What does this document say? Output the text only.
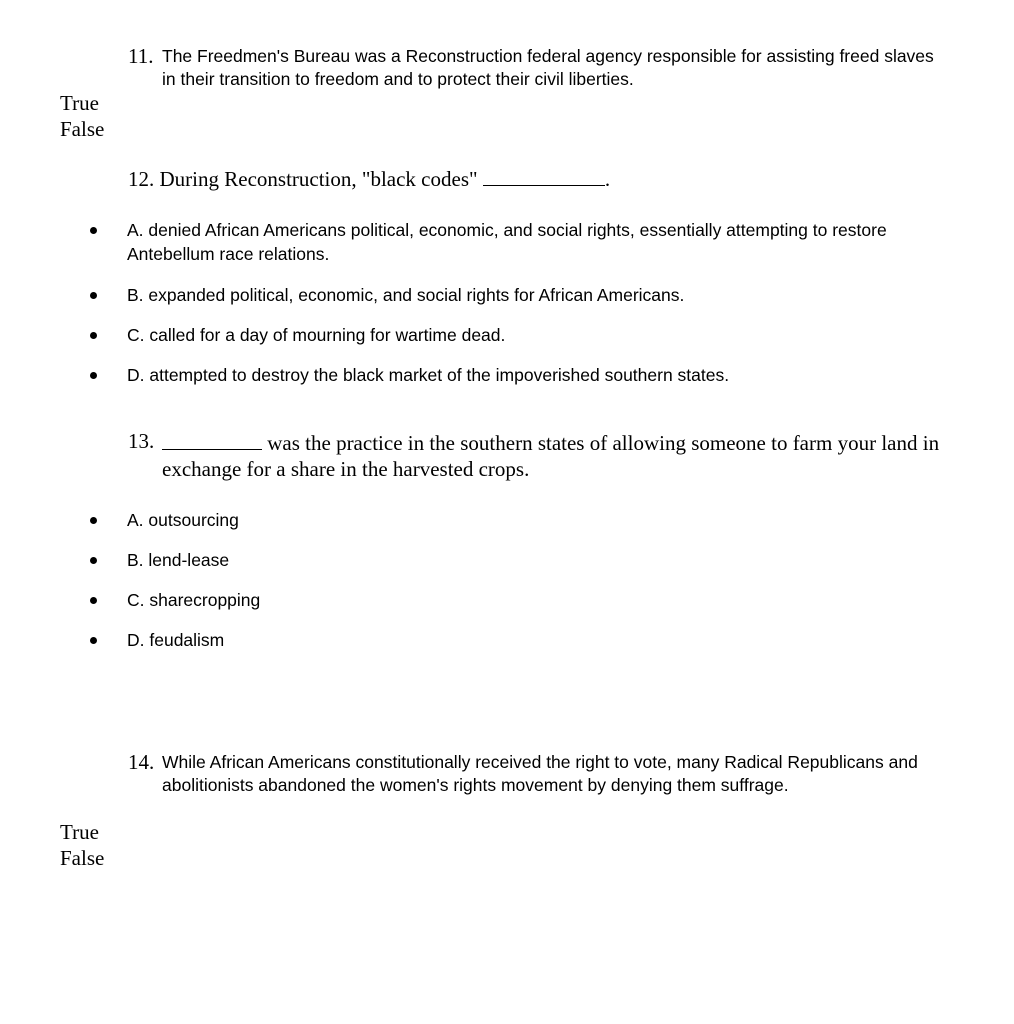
11. The Freedmen's Bureau was a Reconstruction federal agency responsible for assisting freed slaves in their transition to freedom and to protect their civil liberties.
True
False
12. During Reconstruction, "black codes"	.
A. denied African Americans political, economic, and social rights, essentially attempting to restore Antebellum race relations.
B. expanded political, economic, and social rights for African Americans.
C. called for a day of mourning for wartime dead.
D. attempted to destroy the black market of the impoverished southern states.
13.	was the practice in the southern states of allowing someone to farm your land in exchange for a share in the harvested crops.
A. outsourcing
B. lend-lease
C. sharecropping
D. feudalism
14. While African Americans constitutionally received the right to vote, many Radical Republicans and abolitionists abandoned the women's rights movement by denying them suffrage.
True
False
